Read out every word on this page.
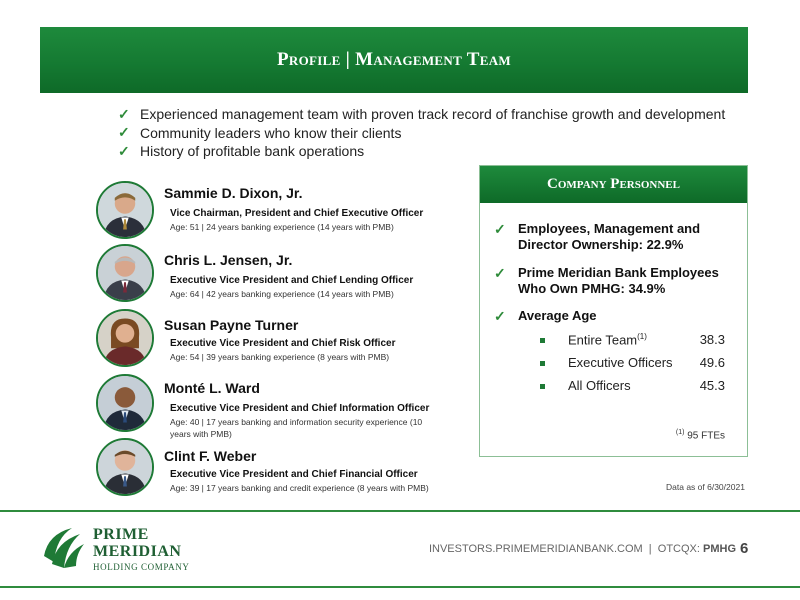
Profile | Management Team
✓ Experienced management team with proven track record of franchise growth and development
✓ Community leaders who know their clients
✓ History of profitable bank operations
Sammie D. Dixon, Jr.
Vice Chairman, President and Chief Executive Officer
Age: 51 | 24 years banking experience (14 years with PMB)
Chris L. Jensen, Jr.
Executive Vice President and Chief Lending Officer
Age: 64 | 42 years banking experience (14 years with PMB)
Susan Payne Turner
Executive Vice President and Chief Risk Officer
Age: 54 | 39 years banking experience (8 years with PMB)
Monté L. Ward
Executive Vice President and Chief Information Officer
Age: 40 | 17 years banking and information security experience (10 years with PMB)
Clint F. Weber
Executive Vice President and Chief Financial Officer
Age: 39 | 17 years banking and credit experience (8 years with PMB)
Company Personnel
✓ Employees, Management and Director Ownership: 22.9%
✓ Prime Meridian Bank Employees Who Own PMHG: 34.9%
✓ Average Age
Entire Team$^{(1)}$	38.3
Executive Officers 49.6
All Officers	45.3
$^{(1)}$ 95 FTEs
Data as of 6/30/2021
PRIME
MERIDIAN
HOLDING COMPANY
INVESTORS.PRIMEMERIDIANBANK.COM  |  OTCQX: PMHG 6
